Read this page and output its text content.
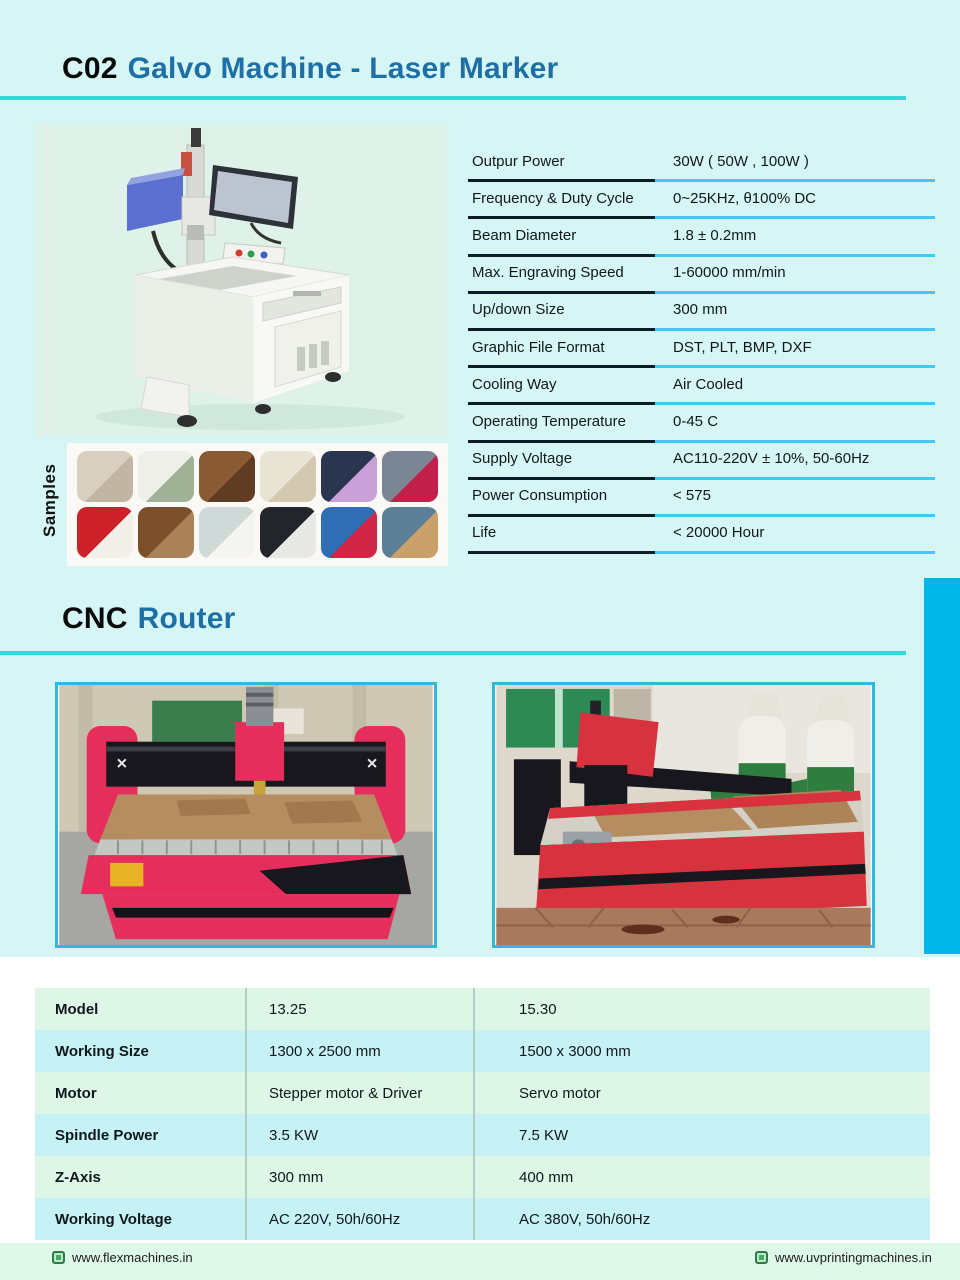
C02 Galvo Machine - Laser Marker
Samples
Outpur Power	30W ( 50W , 100W )
Frequency & Duty Cycle	0~25KHz, θ100% DC
Beam Diameter	1.8 ± 0.2mm
Max. Engraving Speed	1-60000 mm/min
Up/down Size	300 mm
Graphic File Format	DST, PLT, BMP, DXF
Cooling Way	Air Cooled
Operating Temperature	0-45 C
Supply Voltage	AC110-220V ± 10%, 50-60Hz
Power Consumption	< 575
Life	< 20000 Hour
CNC Router
Model	13.25	15.30
Working Size	1300 x 2500 mm	1500 x 3000 mm
Motor	Stepper motor & Driver	Servo motor
Spindle Power	3.5 KW	7.5 KW
Z-Axis	300 mm	400 mm
Working Voltage	AC 220V, 50h/60Hz	AC 380V, 50h/60Hz
www.flexmachines.in	www.uvprintingmachines.in
